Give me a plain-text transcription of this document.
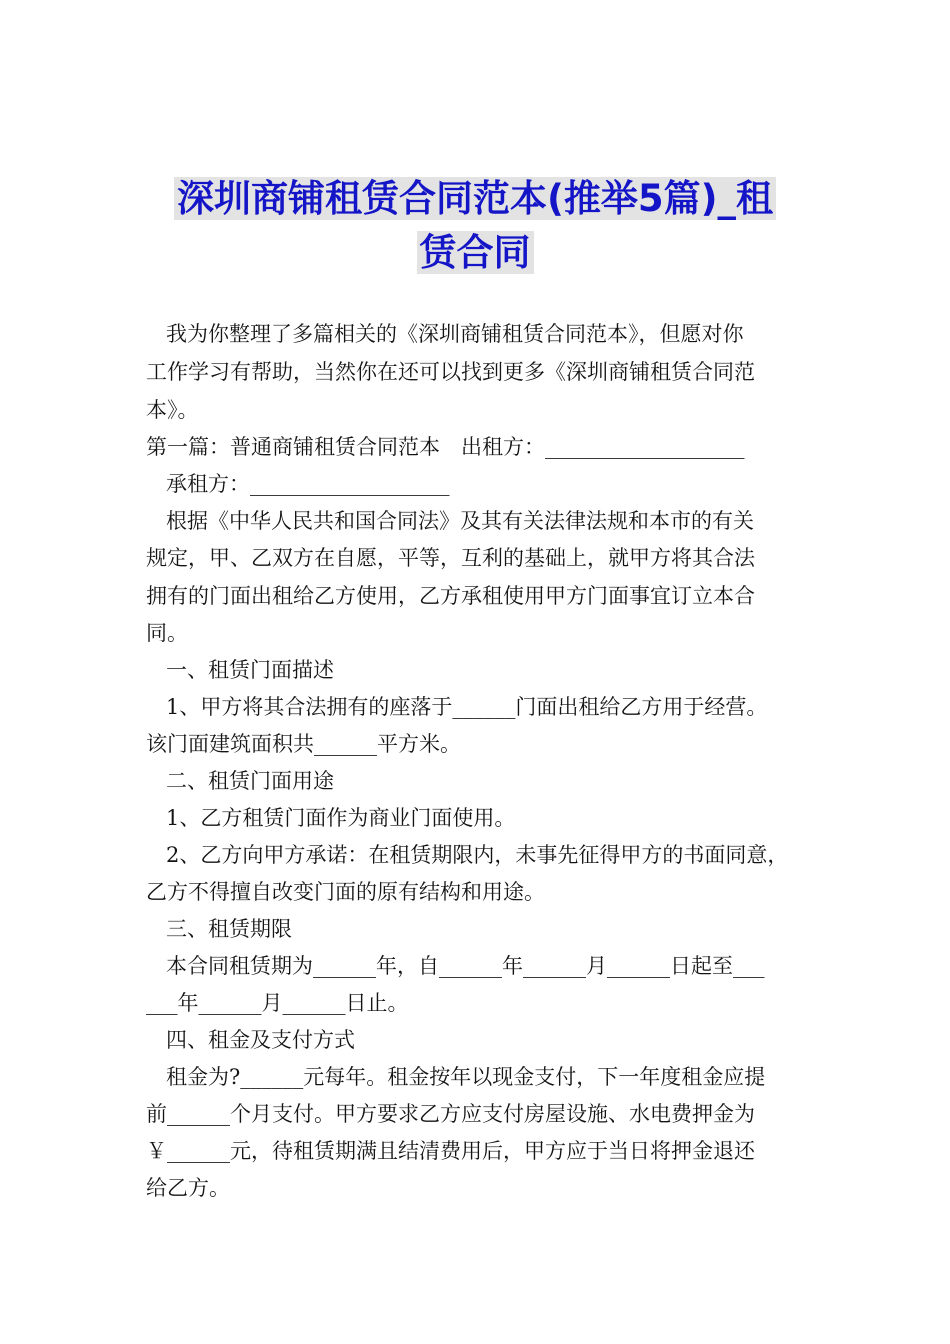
深圳商铺租赁合同范本(推举5篇)_租
赁合同
我为你整理了多篇相关的《深圳商铺租赁合同范本》，但愿对你
工作学习有帮助，当然你在还可以找到更多《深圳商铺租赁合同范
本》。
第一篇：普通商铺租赁合同范本　出租方：___________________
承租方：___________________
根据《中华人民共和国合同法》及其有关法律法规和本市的有关
规定，甲、乙双方在自愿，平等，互利的基础上，就甲方将其合法
拥有的门面出租给乙方使用，乙方承租使用甲方门面事宜订立本合
同。
一、租赁门面描述
1、甲方将其合法拥有的座落于______门面出租给乙方用于经营。
该门面建筑面积共______平方米。
二、租赁门面用途
1、乙方租赁门面作为商业门面使用。
2、乙方向甲方承诺：在租赁期限内，未事先征得甲方的书面同意，
乙方不得擅自改变门面的原有结构和用途。
三、租赁期限
本合同租赁期为______年，自______年______月______日起至___
___年______月______日止。
四、租金及支付方式
租金为?______元每年。租金按年以现金支付，下一年度租金应提
前______个月支付。甲方要求乙方应支付房屋设施、水电费押金为
￥______元，待租赁期满且结清费用后，甲方应于当日将押金退还
给乙方。
